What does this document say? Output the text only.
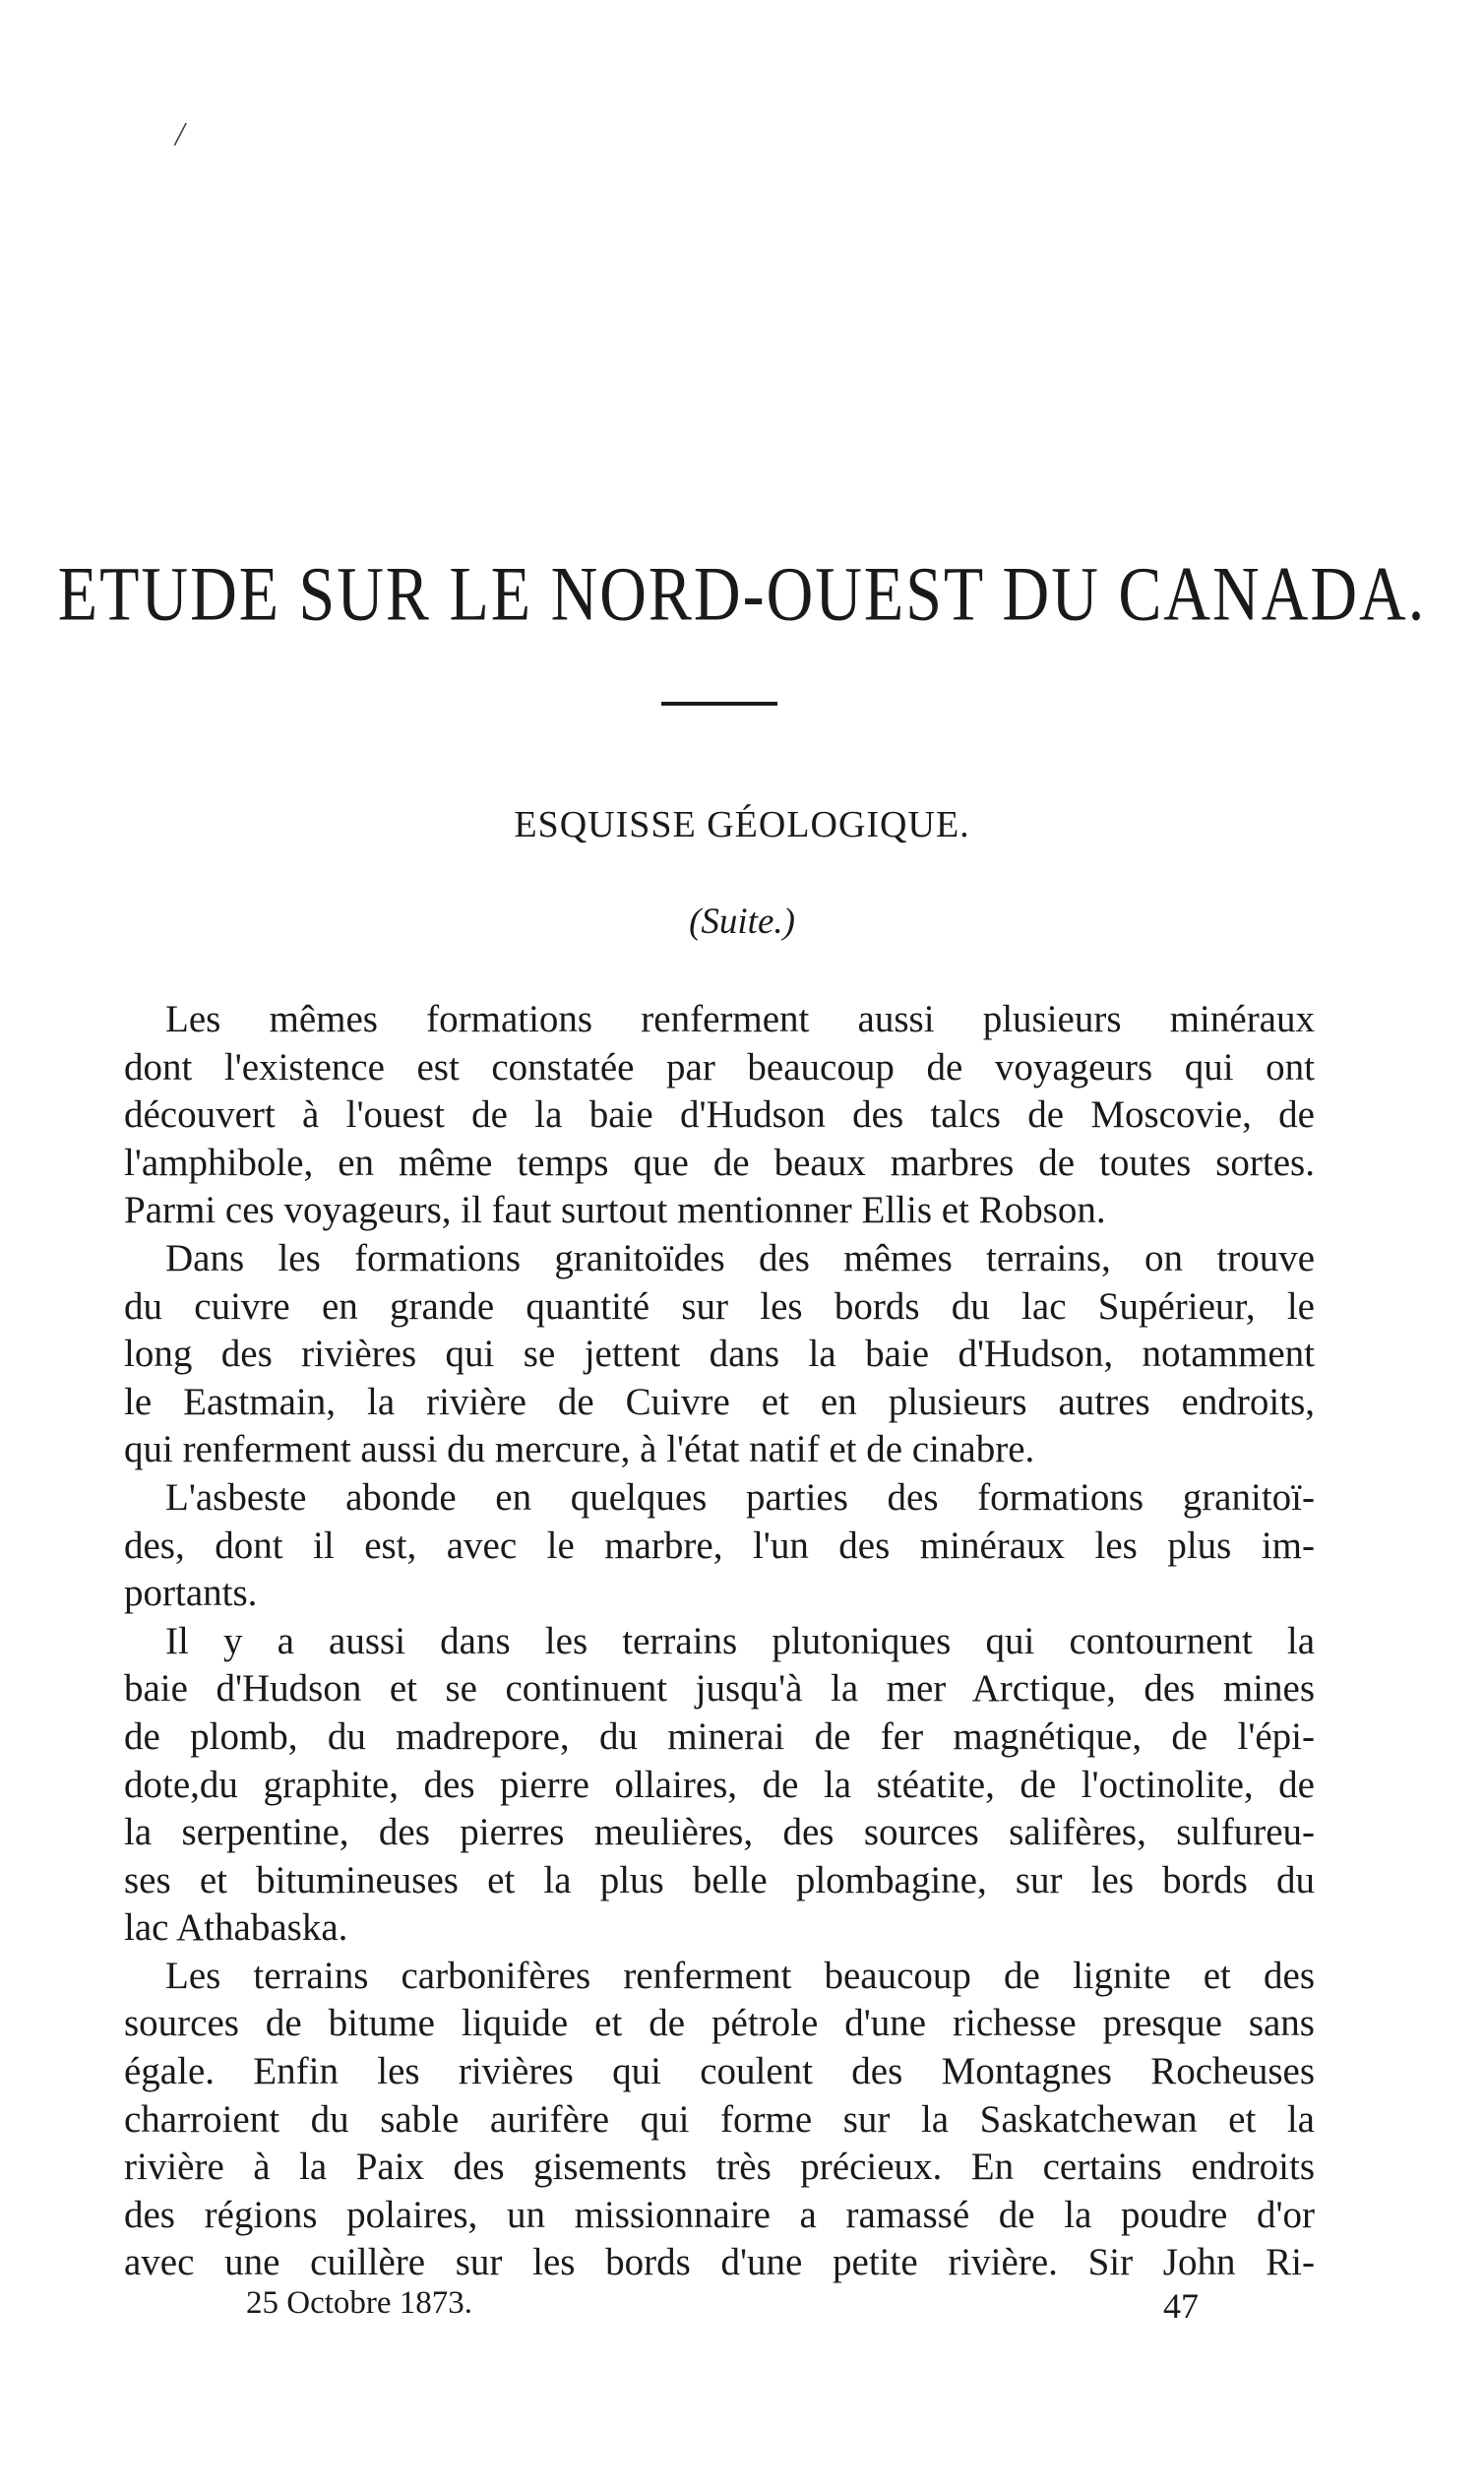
/
ETUDE SUR LE NORD-OUEST DU CANADA.
ESQUISSE GÉOLOGIQUE.
(Suite.)
Les mêmes formations renferment aussi plusieurs minéraux
dont l'existence est constatée par beaucoup de voyageurs qui ont
découvert à l'ouest de la baie d'Hudson des talcs de Moscovie, de
l'amphibole, en même temps que de beaux marbres de toutes sortes.
Parmi ces voyageurs, il faut surtout mentionner Ellis et Robson.
Dans les formations granitoïdes des mêmes terrains, on trouve
du cuivre en grande quantité sur les bords du lac Supérieur, le
long des rivières qui se jettent dans la baie d'Hudson, notamment
le Eastmain, la rivière de Cuivre et en plusieurs autres endroits,
qui renferment aussi du mercure, à l'état natif et de cinabre.
L'asbeste abonde en quelques parties des formations granitoï-
des, dont il est, avec le marbre, l'un des minéraux les plus im-
portants.
Il y a aussi dans les terrains plutoniques qui contournent la
baie d'Hudson et se continuent jusqu'à la mer Arctique, des mines
de plomb, du madrepore, du minerai de fer magnétique, de l'épi-
dote,du graphite, des pierre ollaires, de la stéatite, de l'octinolite, de
la serpentine, des pierres meulières, des sources salifères, sulfureu-
ses et bitumineuses et la plus belle plombagine, sur les bords du
lac Athabaska.
Les terrains carbonifères renferment beaucoup de lignite et des
sources de bitume liquide et de pétrole d'une richesse presque sans
égale. Enfin les rivières qui coulent des Montagnes Rocheuses
charroient du sable aurifère qui forme sur la Saskatchewan et la
rivière à la Paix des gisements très précieux. En certains endroits
des régions polaires, un missionnaire a ramassé de la poudre d'or
avec une cuillère sur les bords d'une petite rivière. Sir John Ri-
25 Octobre 1873.	47
